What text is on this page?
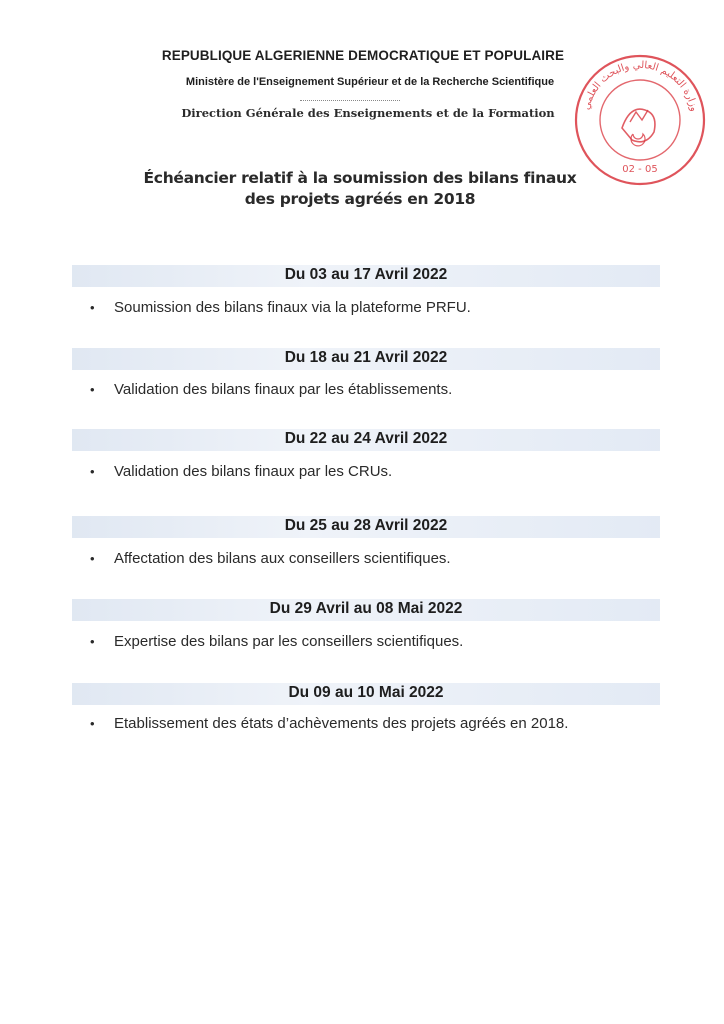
REPUBLIQUE ALGERIENNE DEMOCRATIQUE ET POPULAIRE
Ministère de l'Enseignement Supérieur et de la Recherche Scientifique
Direction Générale des Enseignements et de la Formation
وزارة التعليم العالي والبحث العلمي
02 - 05
Échéancier relatif à la soumission des bilans finaux
des projets agréés en 2018
Du 03 au 17 Avril 2022
• Soumission des bilans finaux via la plateforme PRFU.
Du 18 au 21 Avril 2022
• Validation des bilans finaux par les établissements.
Du 22 au 24 Avril 2022
• Validation des bilans finaux par les CRUs.
Du 25 au 28 Avril 2022
• Affectation des bilans aux conseillers scientifiques.
Du 29 Avril au 08 Mai 2022
• Expertise des bilans par les conseillers scientifiques.
Du 09 au 10 Mai 2022
• Etablissement des états d’achèvements des projets agréés en 2018.
